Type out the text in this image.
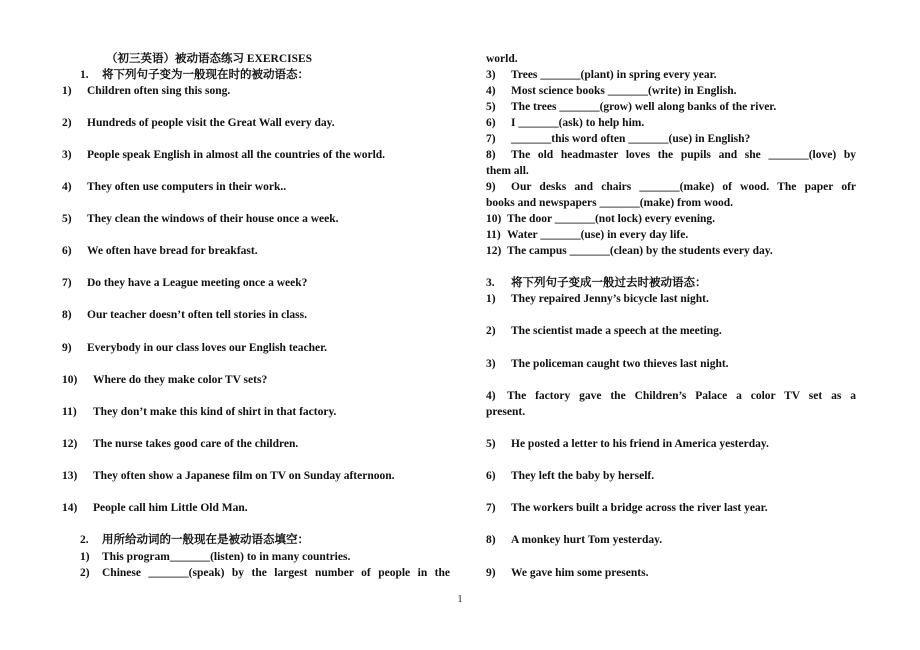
（初三英语）被动语态练习 EXERCISES
1. 将下列句子变为一般现在时的被动语态：
1) Children often sing this song.
2) Hundreds of people visit the Great Wall every day.
3) People speak English in almost all the countries of the world.
4) They often use computers in their work..
5) They clean the windows of their house once a week.
6) We often have bread for breakfast.
7) Do they have a League meeting once a week?
8) Our teacher doesn’t often tell stories in class.
9) Everybody in our class loves our English teacher.
10) Where do they make color TV sets?
11) They don’t make this kind of shirt in that factory.
12) The nurse takes good care of the children.
13) They often show a Japanese film on TV on Sunday afternoon.
14) People call him Little Old Man.
2. 用所给动词的一般现在是被动语态填空：
1) This program_______(listen) to in many countries.
2) Chinese _______(speak) by the largest number of people in the
world.
3) Trees _______(plant) in spring every year.
4) Most science books _______(write) in English.
5) The trees _______(grow) well along banks of the river.
6) I _______(ask) to help him.
7) _______this word often _______(use) in English?
8) The old headmaster loves the pupils and she _______(love) by
them all.
9) Our desks and chairs _______(make) of wood. The paper ofr
books and newspapers _______(make) from wood.
10) The door _______(not lock) every evening.
11) Water _______(use) in every day life.
12) The campus _______(clean) by the students every day.
3. 将下列句子变成一般过去时被动语态：
1) They repaired Jenny’s bicycle last night.
2) The scientist made a speech at the meeting.
3) The policeman caught two thieves last night.
4) The factory gave the Children’s Palace a color TV set as a
present.
5) He posted a letter to his friend in America yesterday.
6) They left the baby by herself.
7) The workers built a bridge across the river last year.
8) A monkey hurt Tom yesterday.
9) We gave him some presents.
1
